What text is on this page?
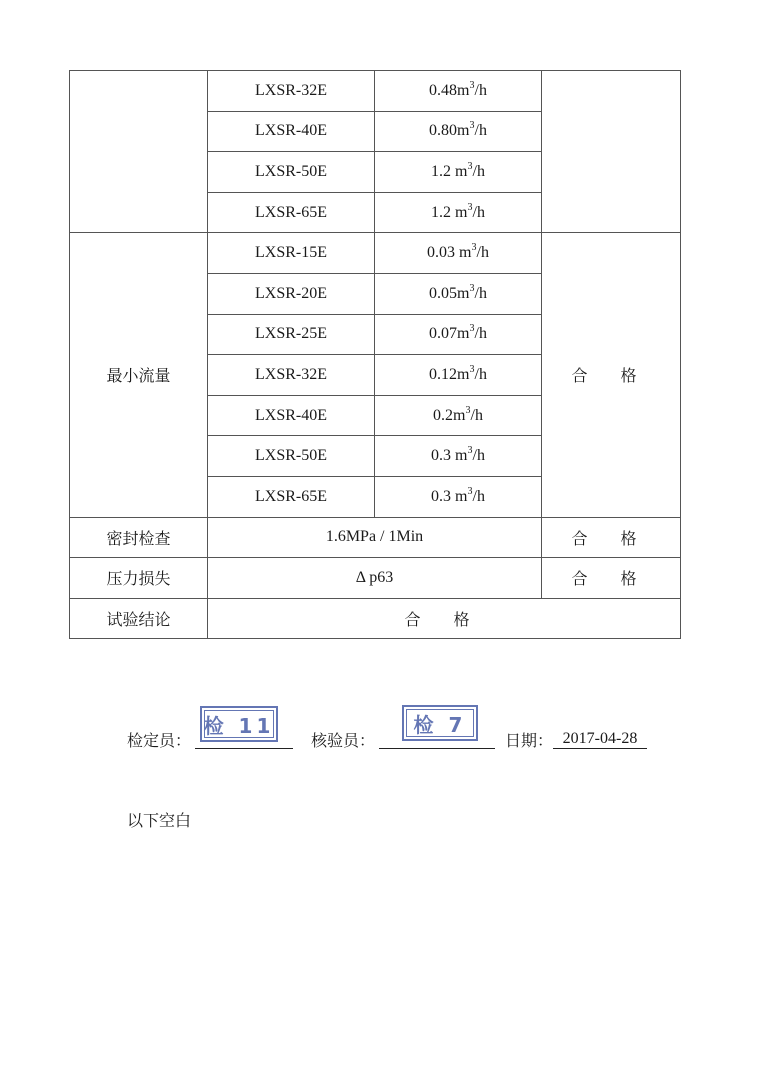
	LXSR-32E	$0.48m^3/h$	
	LXSR-40E	$0.80m^3/h$	
	LXSR-50E	1.2 $m^3/h$	
	LXSR-65E	1.2 $m^3/h$	
最小流量	LXSR-15E	0.03 $m^3/h$	合 格
	LXSR-20E	$0.05m^3/h$	
	LXSR-25E	$0.07m^3/h$	
	LXSR-32E	$0.12m^3/h$	
	LXSR-40E	$0.2m^3/h$	
	LXSR-50E	0.3 $m^3/h$	
	LXSR-65E	0.3 $m^3/h$	
密封检查	1.6MPa / 1Min		合 格
压力损失	Δ p63		合 格
试验结论	合 格		
检定员：
检 11
核验员：
检 7
日期： 2017-04-28
以下空白
